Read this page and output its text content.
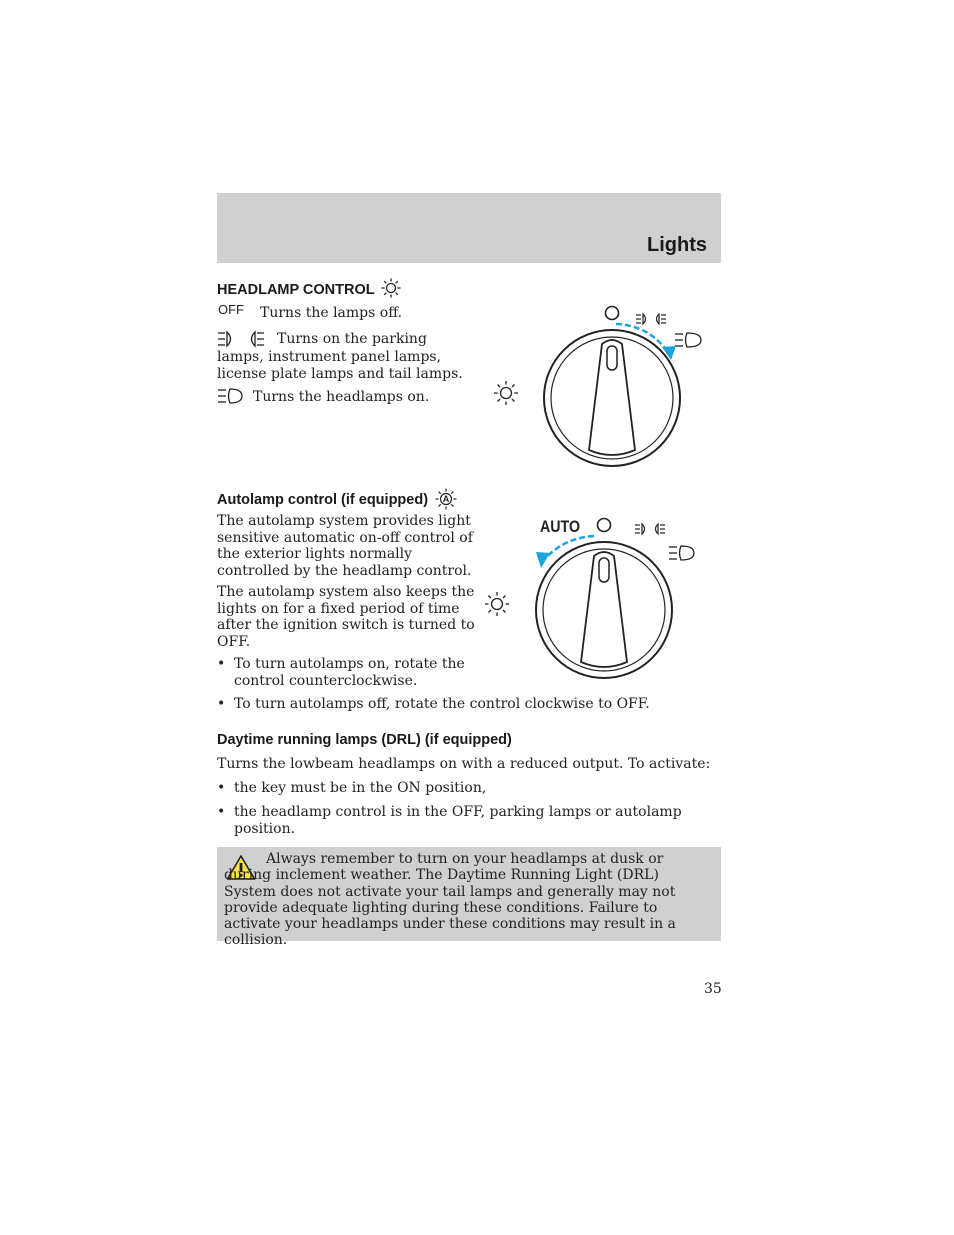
Lights
HEADLAMP CONTROL
OFF Turns the lamps off.
Turns on the parking
lamps, instrument panel lamps,
license plate lamps and tail lamps.
Turns the headlamps on.
Autolamp control (if equipped) A
The autolamp system provides light
sensitive automatic on-off control of
the exterior lights normally
controlled by the headlamp control.
The autolamp system also keeps the
lights on for a fixed period of time
after the ignition switch is turned to
OFF.
• To turn autolamps on, rotate the
control counterclockwise.
• To turn autolamps off, rotate the control clockwise to OFF.
AUTO
Daytime running lamps (DRL) (if equipped)
Turns the lowbeam headlamps on with a reduced output. To activate:
• the key must be in the ON position,
• the headlamp control is in the OFF, parking lamps or autolamp
position.
Always remember to turn on your headlamps at dusk or during inclement weather. The Daytime Running Light (DRL) System does not activate your tail lamps and generally may not provide adequate lighting during these conditions. Failure to activate your headlamps under these conditions may result in a collision.
35
